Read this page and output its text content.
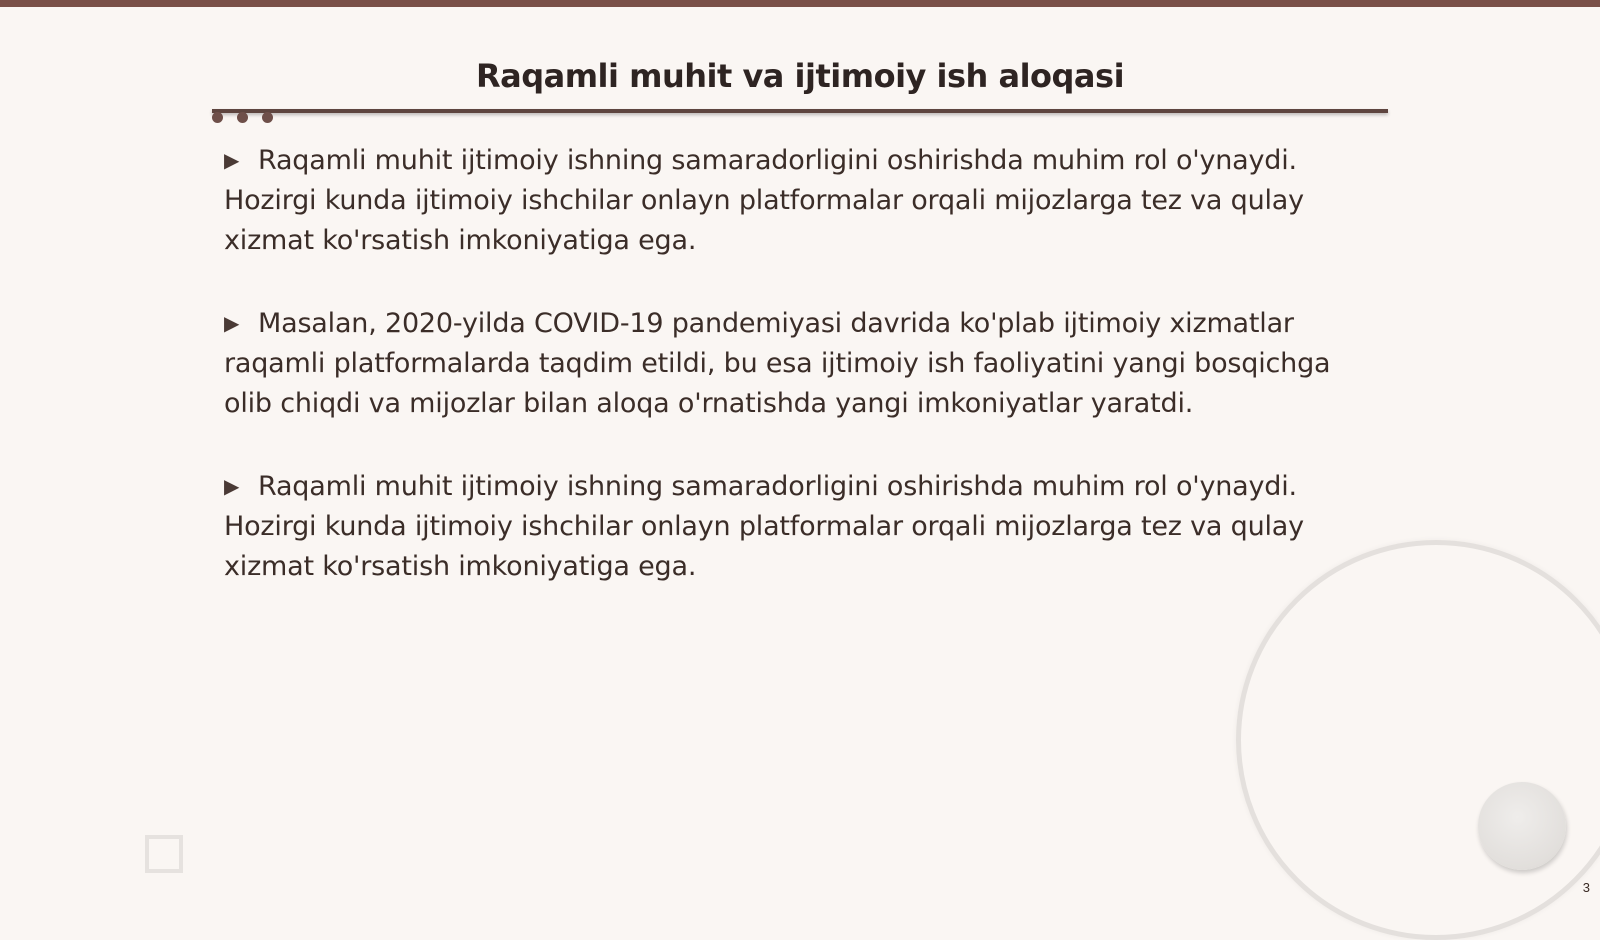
Raqamli muhit va ijtimoiy ish aloqasi

▶ Raqamli muhit ijtimoiy ishning samaradorligini oshirishda muhim rol o'ynaydi. Hozirgi kunda ijtimoiy ishchilar onlayn platformalar orqali mijozlarga tez va qulay xizmat ko'rsatish imkoniyatiga ega.

▶ Masalan, 2020-yilda COVID-19 pandemiyasi davrida ko'plab ijtimoiy xizmatlar raqamli platformalarda taqdim etildi, bu esa ijtimoiy ish faoliyatini yangi bosqichga olib chiqdi va mijozlar bilan aloqa o'rnatishda yangi imkoniyatlar yaratdi.

▶ Raqamli muhit ijtimoiy ishning samaradorligini oshirishda muhim rol o'ynaydi. Hozirgi kunda ijtimoiy ishchilar onlayn platformalar orqali mijozlarga tez va qulay xizmat ko'rsatish imkoniyatiga ega.

3
